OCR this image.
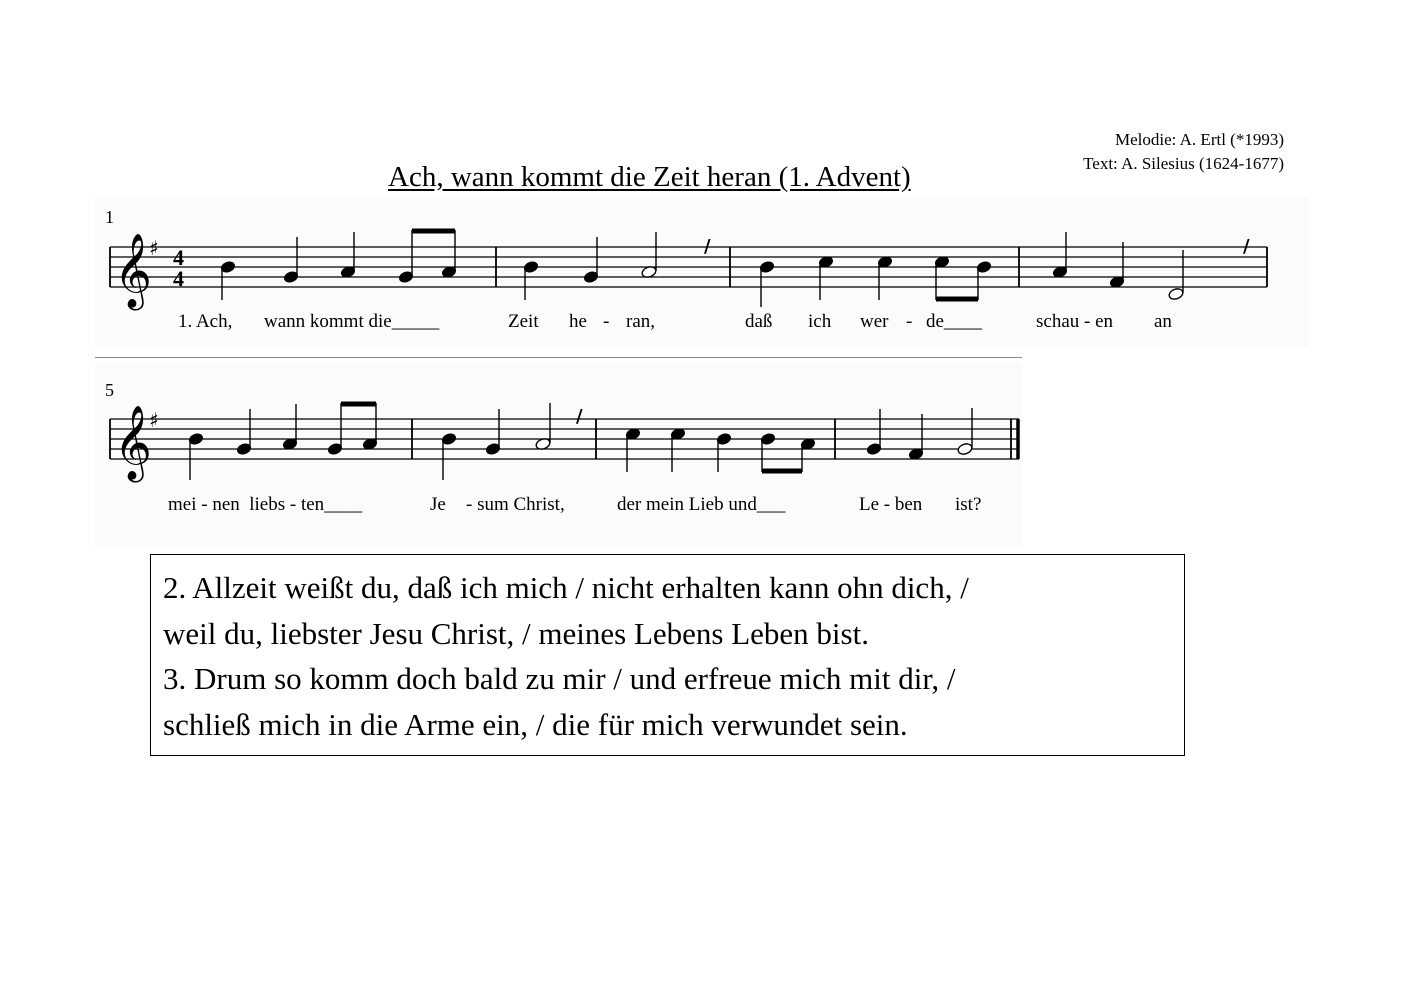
Melodie: A. Ertl (*1993)
Text: A. Silesius (1624-1677)
Ach, wann kommt die Zeit heran (1. Advent)
1
5
𝄞
♯ 4
4
/	/
𝄞
♯	/
1. Ach, wann kommt die_____	Zeit he - ran,	daß ich wer - de____	schau - en an
mei - nen  liebs - ten____	Je - sum Christ,	der mein Lieb und___	Le - ben ist?
2. Allzeit weißt du, daß ich mich / nicht erhalten kann ohn dich, /
weil du, liebster Jesu Christ, / meines Lebens Leben bist.
3. Drum so komm doch bald zu mir / und erfreue mich mit dir, /
schließ mich in die Arme ein, / die für mich verwundet sein.
